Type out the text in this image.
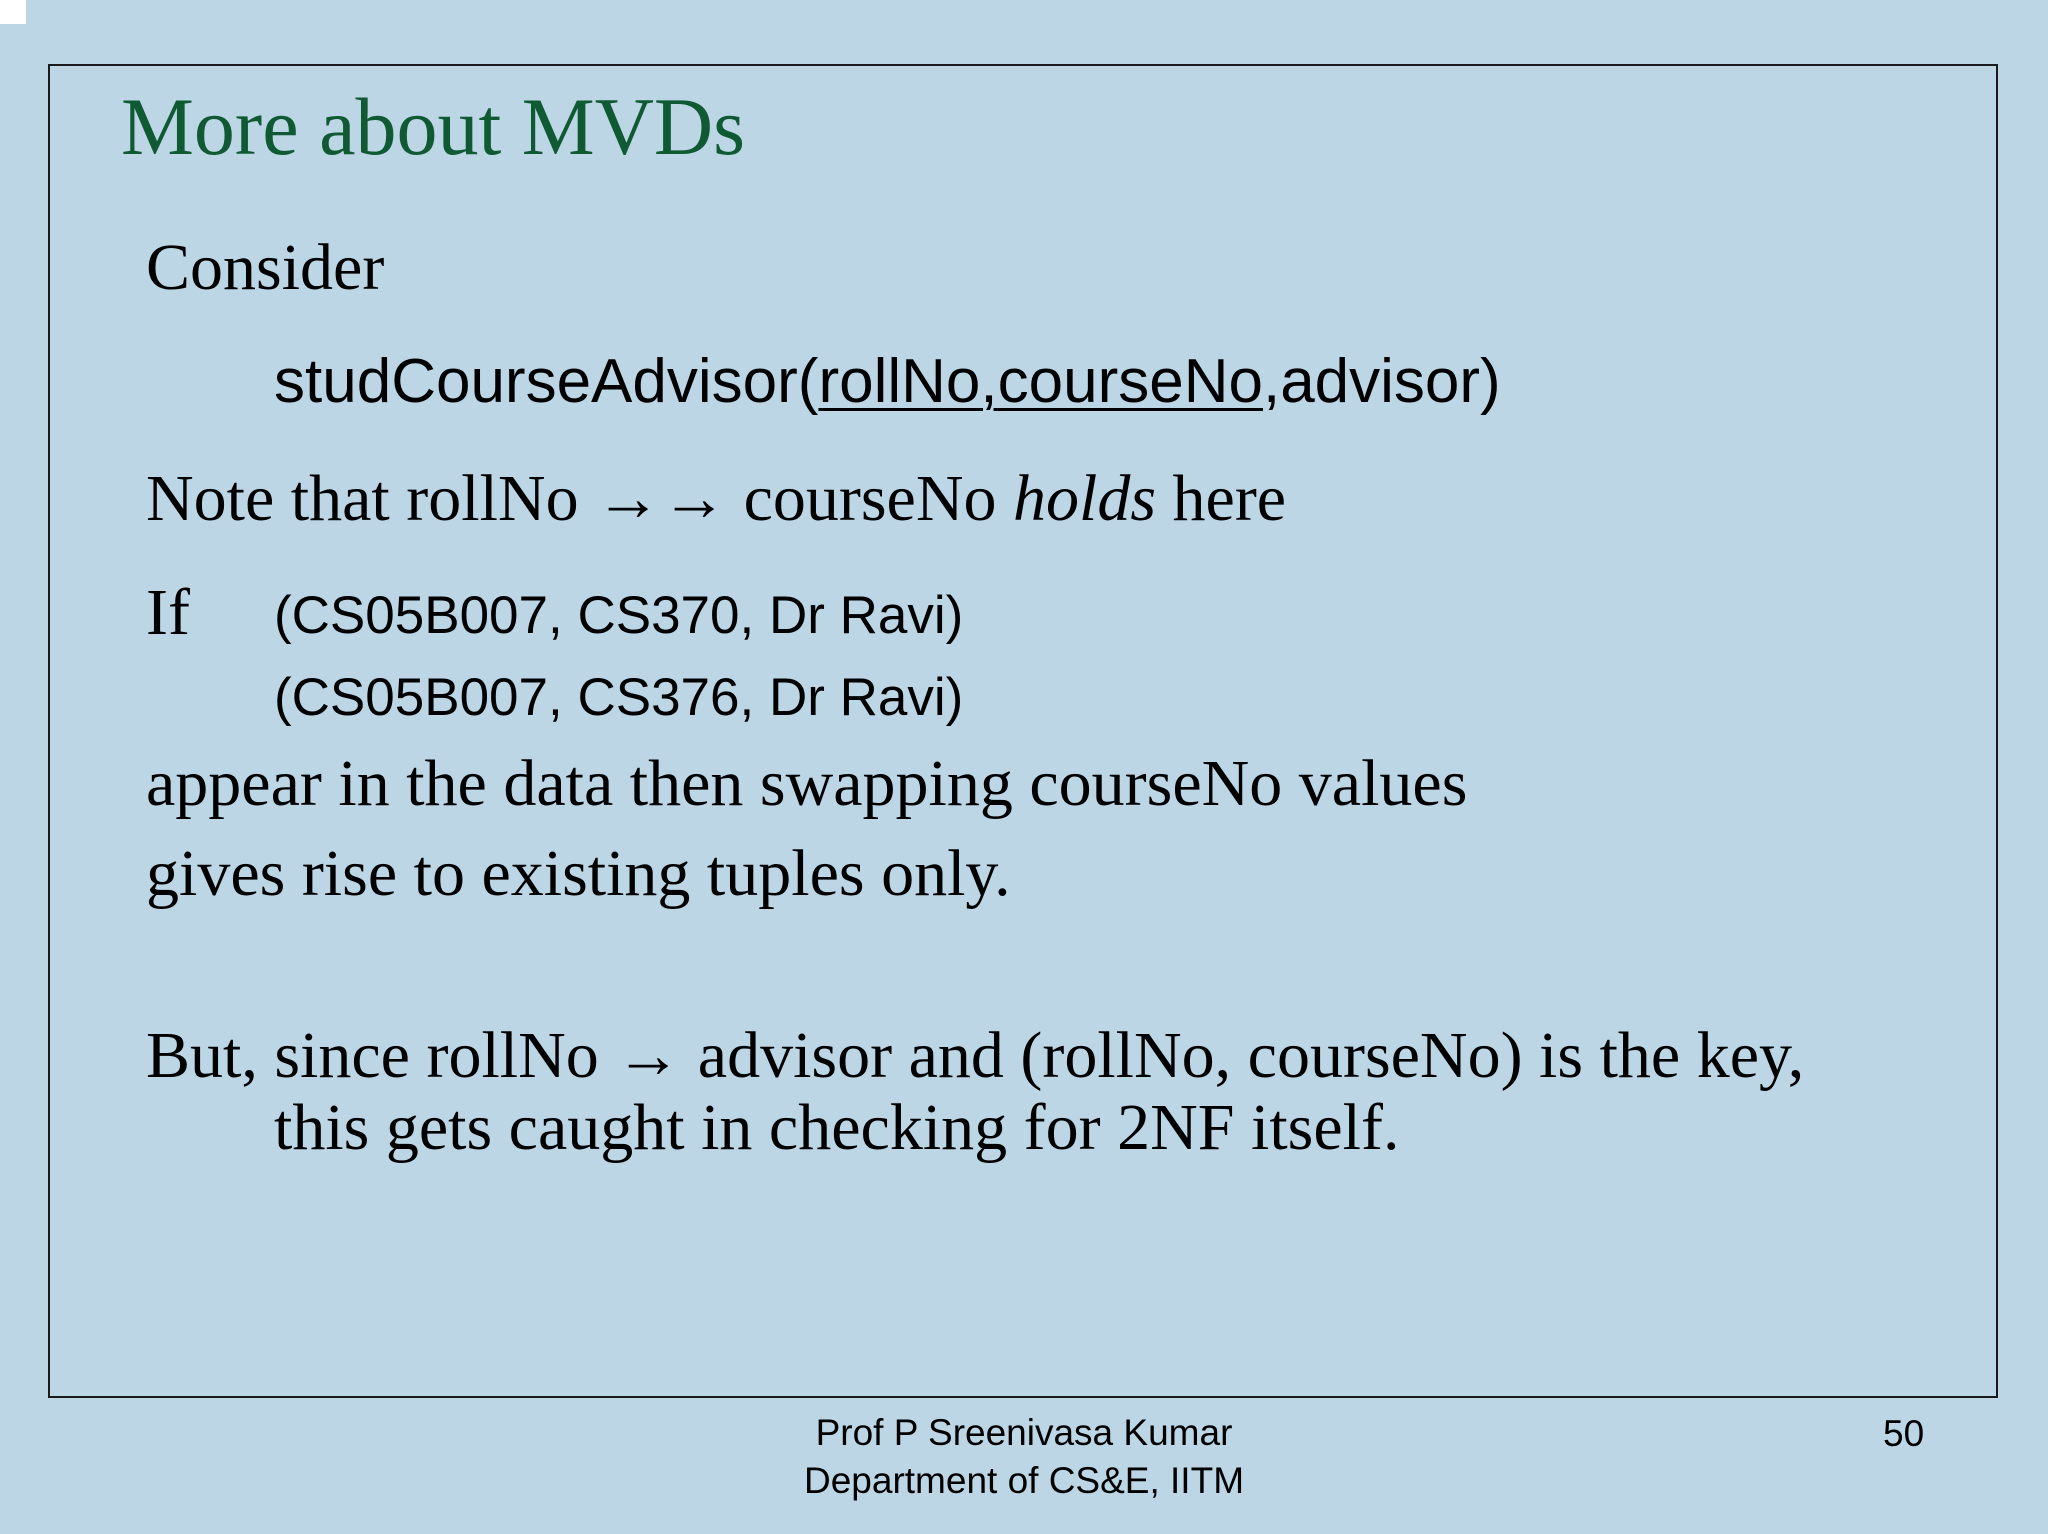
More about MVDs
Consider
studCourseAdvisor(rollNo,courseNo,advisor)
Note that rollNo →→ courseNo holds here
If (CS05B007, CS370, Dr Ravi)
(CS05B007, CS376, Dr Ravi)
appear in the data then swapping courseNo values
gives rise to existing tuples only.
But, since rollNo → advisor and (rollNo, courseNo) is the key,
this gets caught in checking for 2NF itself.
Prof P Sreenivasa Kumar
Department of CS&E, IITM
50
